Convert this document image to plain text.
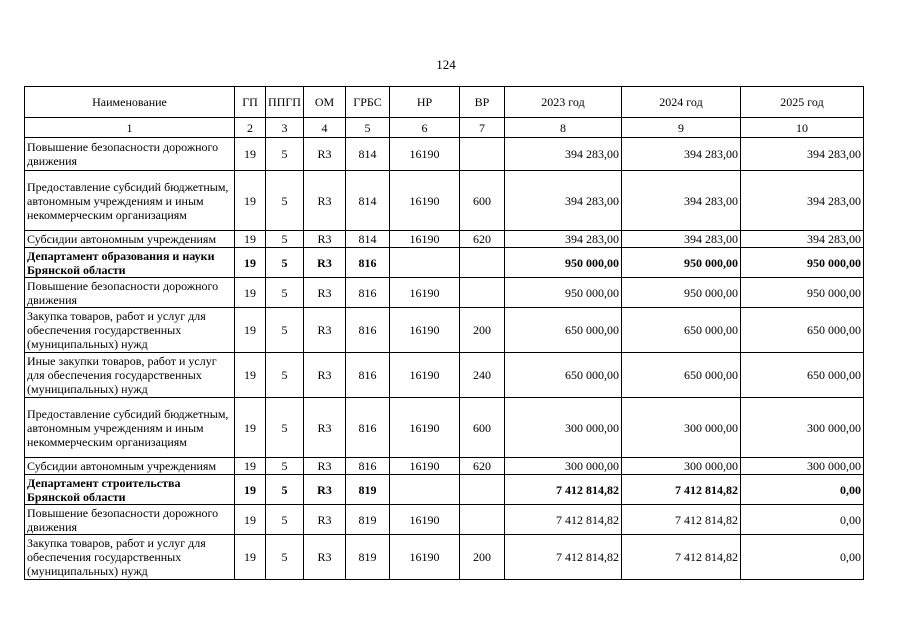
124
Наименование	ГП	ППГП	ОМ	ГРБС	НР	ВР	2023 год	2024 год	2025 год
1	2	3	4	5	6	7	8	9	10
Повышение безопасности дорожного движения	19	5	R3	814	16190		394 283,00	394 283,00	394 283,00
Предоставление субсидий бюджетным, автономным учреждениям и иным некоммерческим организациям	19	5	R3	814	16190	600	394 283,00	394 283,00	394 283,00
Субсидии автономным учреждениям	19	5	R3	814	16190	620	394 283,00	394 283,00	394 283,00
Департамент образования и науки Брянской области	19	5	R3	816			950 000,00	950 000,00	950 000,00
Повышение безопасности дорожного движения	19	5	R3	816	16190		950 000,00	950 000,00	950 000,00
Закупка товаров, работ и услуг для обеспечения государственных (муниципальных) нужд	19	5	R3	816	16190	200	650 000,00	650 000,00	650 000,00
Иные закупки товаров, работ и услуг для обеспечения государственных (муниципальных) нужд	19	5	R3	816	16190	240	650 000,00	650 000,00	650 000,00
Предоставление субсидий бюджетным, автономным учреждениям и иным некоммерческим организациям	19	5	R3	816	16190	600	300 000,00	300 000,00	300 000,00
Субсидии автономным учреждениям	19	5	R3	816	16190	620	300 000,00	300 000,00	300 000,00
Департамент строительства Брянской области	19	5	R3	819			7 412 814,82	7 412 814,82	0,00
Повышение безопасности дорожного движения	19	5	R3	819	16190		7 412 814,82	7 412 814,82	0,00
Закупка товаров, работ и услуг для обеспечения государственных (муниципальных) нужд	19	5	R3	819	16190	200	7 412 814,82	7 412 814,82	0,00
